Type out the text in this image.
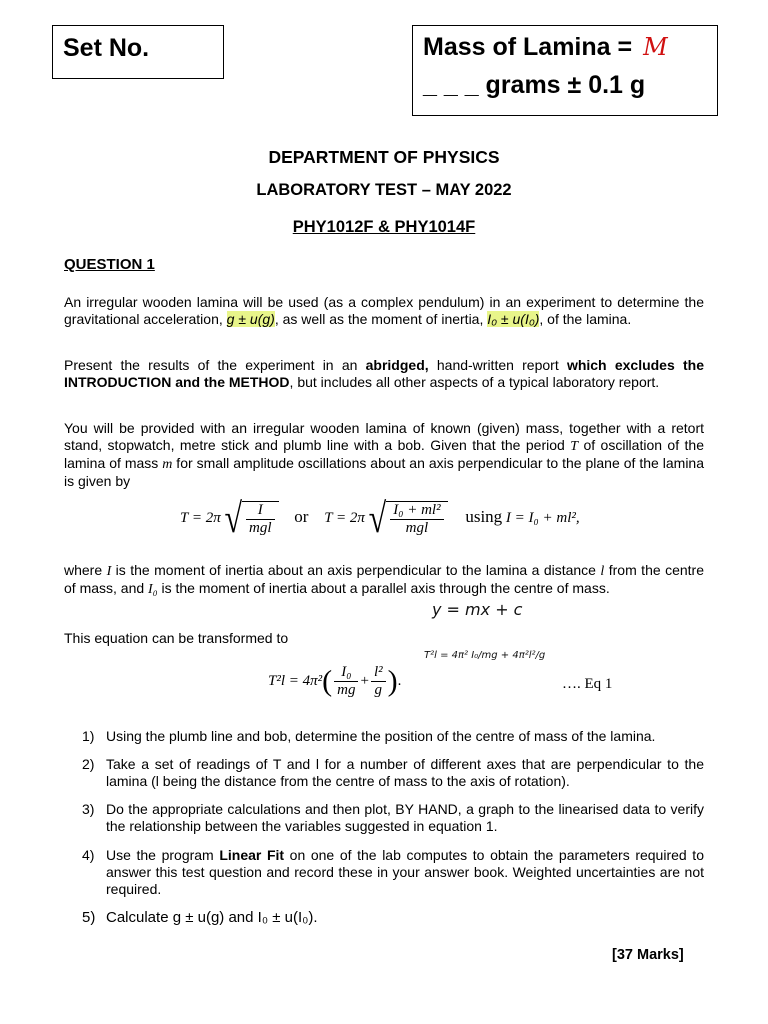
Set No.	Mass of Lamina = M
_ _ _ grams ± 0.1 g
DEPARTMENT OF PHYSICS
LABORATORY TEST – MAY 2022
PHY1012F & PHY1014F
QUESTION 1
An irregular wooden lamina will be used (as a complex pendulum) in an experiment to determine the gravitational acceleration, g ± u(g), as well as the moment of inertia, I₀ ± u(I₀), of the lamina.
Present the results of the experiment in an abridged, hand-written report which excludes the INTRODUCTION and the METHOD, but includes all other aspects of a typical laboratory report.
You will be provided with an irregular wooden lamina of known (given) mass, together with a retort stand, stopwatch, metre stick and plumb line with a bob. Given that the period T of oscillation of the lamina of mass m for small amplitude oscillations about an axis perpendicular to the plane of the lamina is given by
T = 2π √ $\frac{I}{\text{mgl}}$ or T = 2π √ $\frac{\text{I₀ + ml²}}{\text{mgl}}$ using I = I₀ + ml²,
where I is the moment of inertia about an axis perpendicular to the lamina a distance l from the centre of mass, and I₀ is the moment of inertia about a parallel axis through the centre of mass.
y = mx + c
This equation can be transformed to
$T^2l = 4\pi^2( \frac{\text{I₀}}{mg} + \frac{\text{l²}}{g}$ ).
T²l = 4π² I₀/mg + 4π²l²/g
…. Eq 1
1) Using the plumb line and bob, determine the position of the centre of mass of the lamina.
2) Take a set of readings of T and l for a number of different axes that are perpendicular to the lamina (l being the distance from the centre of mass to the axis of rotation).
3) Do the appropriate calculations and then plot, BY HAND, a graph to the linearised data to verify the relationship between the variables suggested in equation 1.
4) Use the program Linear Fit on one of the lab computes to obtain the parameters required to answer this test question and record these in your answer book. Weighted uncertainties are not required.
5) Calculate g ± u(g) and I₀ ± u(I₀).
[37 Marks]
